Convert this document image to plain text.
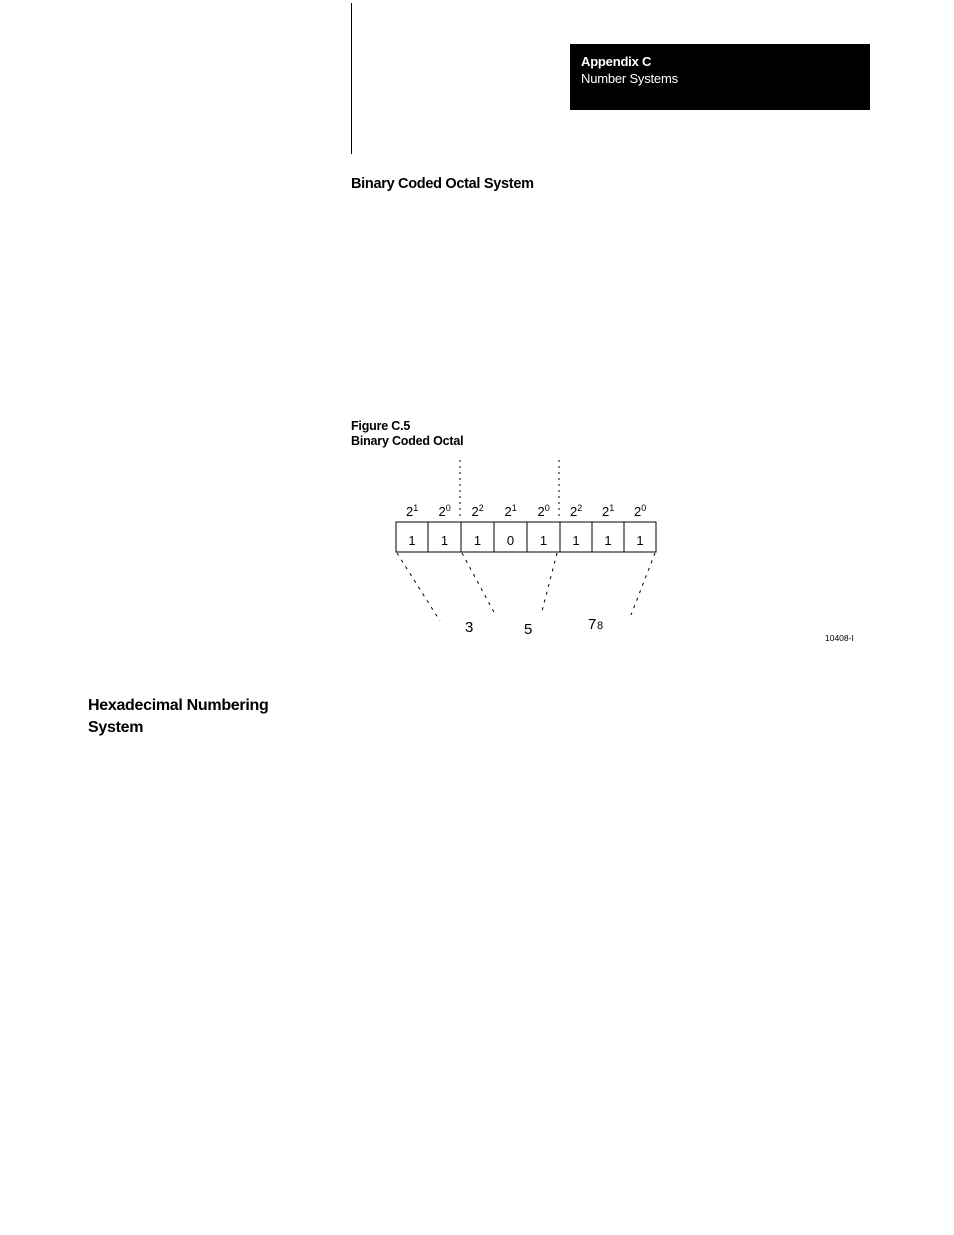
Appendix C
Number Systems
Binary Coded Octal System
Figure C.5
Binary Coded Octal
$2^1$ $2^0$ $2^2$ $2^1$ $2^0$ $2^2$ $2^1$ $2^0$
1 1 1 0 1 1 1 1
3	5	7 8
10408-I
Hexadecimal Numbering System
